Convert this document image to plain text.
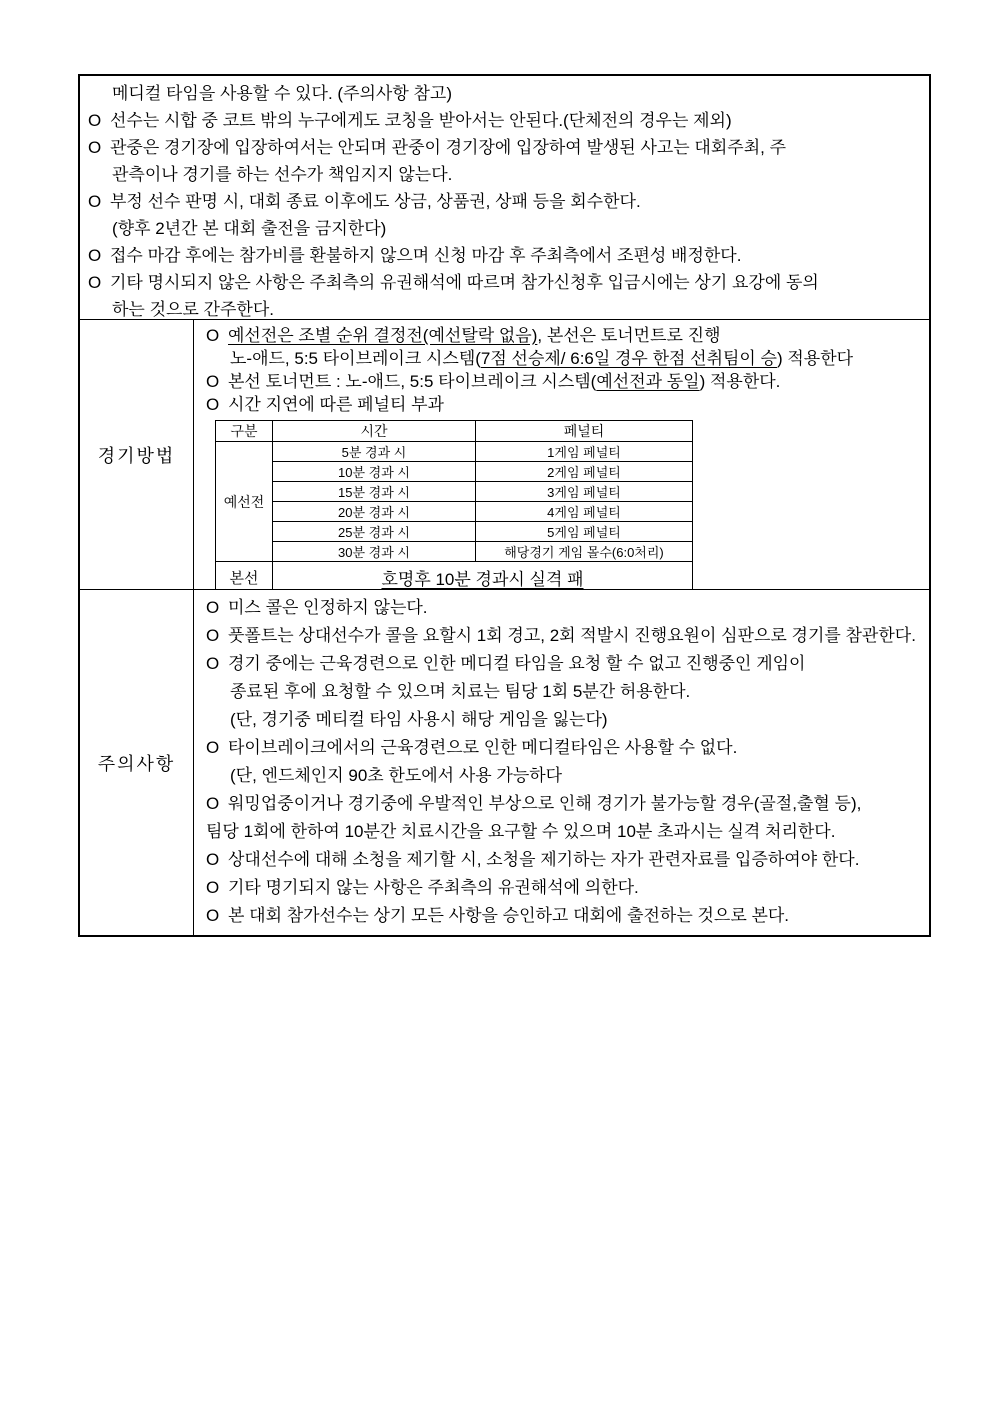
메디컬 타임을 사용할 수 있다. (주의사항 참고)
O 선수는 시합 중 코트 밖의 누구에게도 코칭을 받아서는 안된다.(단체전의 경우는 제외)
O 관중은 경기장에 입장하여서는 안되며 관중이 경기장에 입장하여 발생된 사고는 대회주최, 주
관측이나 경기를 하는 선수가 책임지지 않는다.
O 부정 선수 판명 시, 대회 종료 이후에도 상금, 상품권, 상패 등을 회수한다.
(향후 2년간 본 대회 출전을 금지한다)
O 접수 마감 후에는 참가비를 환불하지 않으며 신청 마감 후 주최측에서 조편성 배정한다.
O 기타 명시되지 않은 사항은 주최측의 유권해석에 따르며 참가신청후 입금시에는 상기 요강에 동의
하는 것으로 간주한다.
경기방법
O 예선전은 조별 순위 결정전(예선탈락 없음), 본선은 토너먼트로 진행
노-애드, 5:5 타이브레이크 시스템(7점 선승제/ 6:6일 경우 한점 선취팀이 승) 적용한다
O 본선 토너먼트 : 노-애드, 5:5 타이브레이크 시스템(예선전과 동일) 적용한다.
O 시간 지연에 따른 페널티 부과
구분	시간	페널티
예선전	5분 경과 시	1게임 페널티
	10분 경과 시	2게임 페널티
	15분 경과 시	3게임 페널티
	20분 경과 시	4게임 페널티
	25분 경과 시	5게임 페널티
	30분 경과 시	해당경기 게임 몰수(6:0처리)
본선	호명후 10분 경과시 실격 패	
주의사항
O 미스 콜은 인정하지 않는다.
O 풋폴트는 상대선수가 콜을 요할시 1회 경고, 2회 적발시 진행요원이 심판으로 경기를 참관한다.
O 경기 중에는 근육경련으로 인한 메디컬 타임을 요청 할 수 없고 진행중인 게임이
종료된 후에 요청할 수 있으며 치료는 팀당 1회 5분간 허용한다.
(단, 경기중 메티컬 타임 사용시 해당 게임을 잃는다)
O 타이브레이크에서의 근육경련으로 인한 메디컬타임은 사용할 수 없다.
(단, 엔드체인지 90초 한도에서 사용 가능하다
O 워밍업중이거나 경기중에 우발적인 부상으로 인해 경기가 불가능할 경우(골절,출혈 등),
팀당 1회에 한하여 10분간 치료시간을 요구할 수 있으며 10분 초과시는 실격 처리한다.
O 상대선수에 대해 소청을 제기할 시, 소청을 제기하는 자가 관련자료를 입증하여야 한다.
O 기타 명기되지 않는 사항은 주최측의 유권해석에 의한다.
O 본 대회 참가선수는 상기 모든 사항을 승인하고 대회에 출전하는 것으로 본다.
